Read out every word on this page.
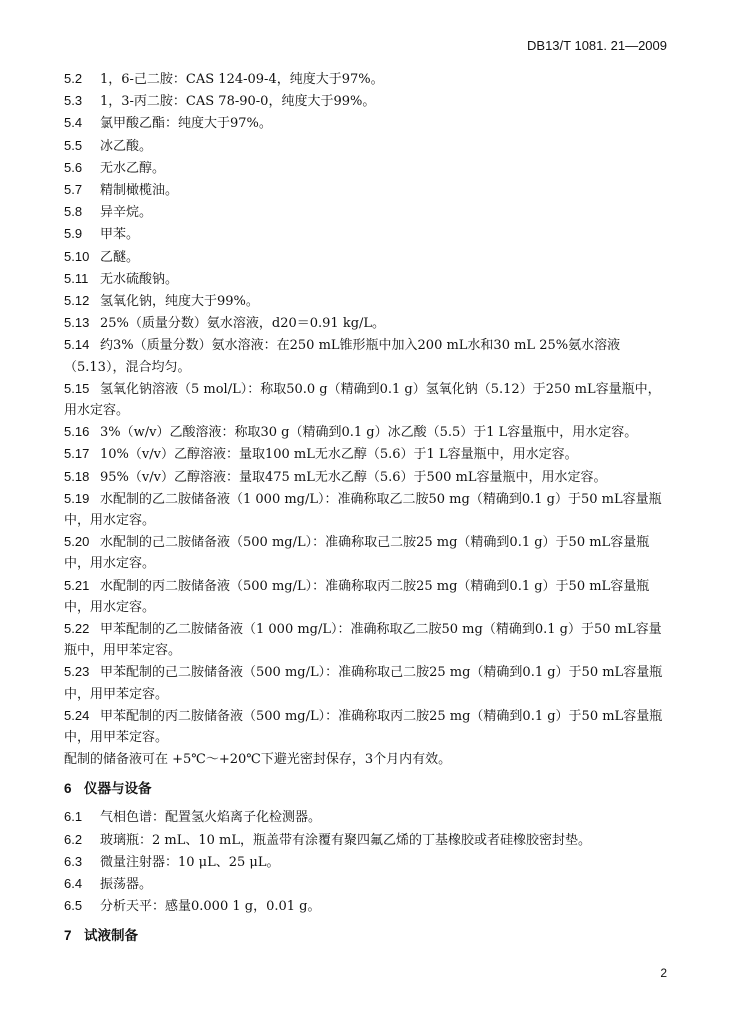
DB13/T 1081. 21—2009

5.2 1，6-己二胺：CAS 124-09-4，纯度大于97%。

5.3 1，3-丙二胺：CAS 78-90-0，纯度大于99%。

5.4 氯甲酸乙酯：纯度大于97%。

5.5 冰乙酸。

5.6 无水乙醇。

5.7 精制橄榄油。

5.8 异辛烷。

5.9 甲苯。

5.10 乙醚。

5.11 无水硫酸钠。

5.12 氢氧化钠，纯度大于99%。

5.13 25%（质量分数）氨水溶液，d20＝0.91 kg/L。

5.14 约3%（质量分数）氨水溶液：在250 mL锥形瓶中加入200 mL水和30 mL 25%氨水溶液（5.13），混合均匀。

5.15 氢氧化钠溶液（5 mol/L）：称取50.0 g（精确到0.1 g）氢氧化钠（5.12）于250 mL容量瓶中，用水定容。

5.16 3%（w/v）乙酸溶液：称取30 g（精确到0.1 g）冰乙酸（5.5）于1 L容量瓶中，用水定容。

5.17 10%（v/v）乙醇溶液：量取100 mL无水乙醇（5.6）于1 L容量瓶中，用水定容。

5.18 95%（v/v）乙醇溶液：量取475 mL无水乙醇（5.6）于500 mL容量瓶中，用水定容。

5.19 水配制的乙二胺储备液（1 000 mg/L）：准确称取乙二胺50 mg（精确到0.1 g）于50 mL容量瓶中，用水定容。

5.20 水配制的己二胺储备液（500 mg/L）：准确称取己二胺25 mg（精确到0.1 g）于50 mL容量瓶中，用水定容。

5.21 水配制的丙二胺储备液（500 mg/L）：准确称取丙二胺25 mg（精确到0.1 g）于50 mL容量瓶中，用水定容。

5.22 甲苯配制的乙二胺储备液（1 000 mg/L）：准确称取乙二胺50 mg（精确到0.1 g）于50 mL容量瓶中，用甲苯定容。

5.23 甲苯配制的己二胺储备液（500 mg/L）：准确称取己二胺25 mg（精确到0.1 g）于50 mL容量瓶中，用甲苯定容。

5.24 甲苯配制的丙二胺储备液（500 mg/L）：准确称取丙二胺25 mg（精确到0.1 g）于50 mL容量瓶中，用甲苯定容。

配制的储备液可在 +5℃～+20℃下避光密封保存，3个月内有效。

6 仪器与设备

6.1 气相色谱：配置氢火焰离子化检测器。

6.2 玻璃瓶：2 mL、10 mL，瓶盖带有涂覆有聚四氟乙烯的丁基橡胶或者硅橡胶密封垫。

6.3 微量注射器：10 μL、25 μL。

6.4 振荡器。

6.5 分析天平：感量0.000 1 g，0.01 g。

7 试液制备

2
